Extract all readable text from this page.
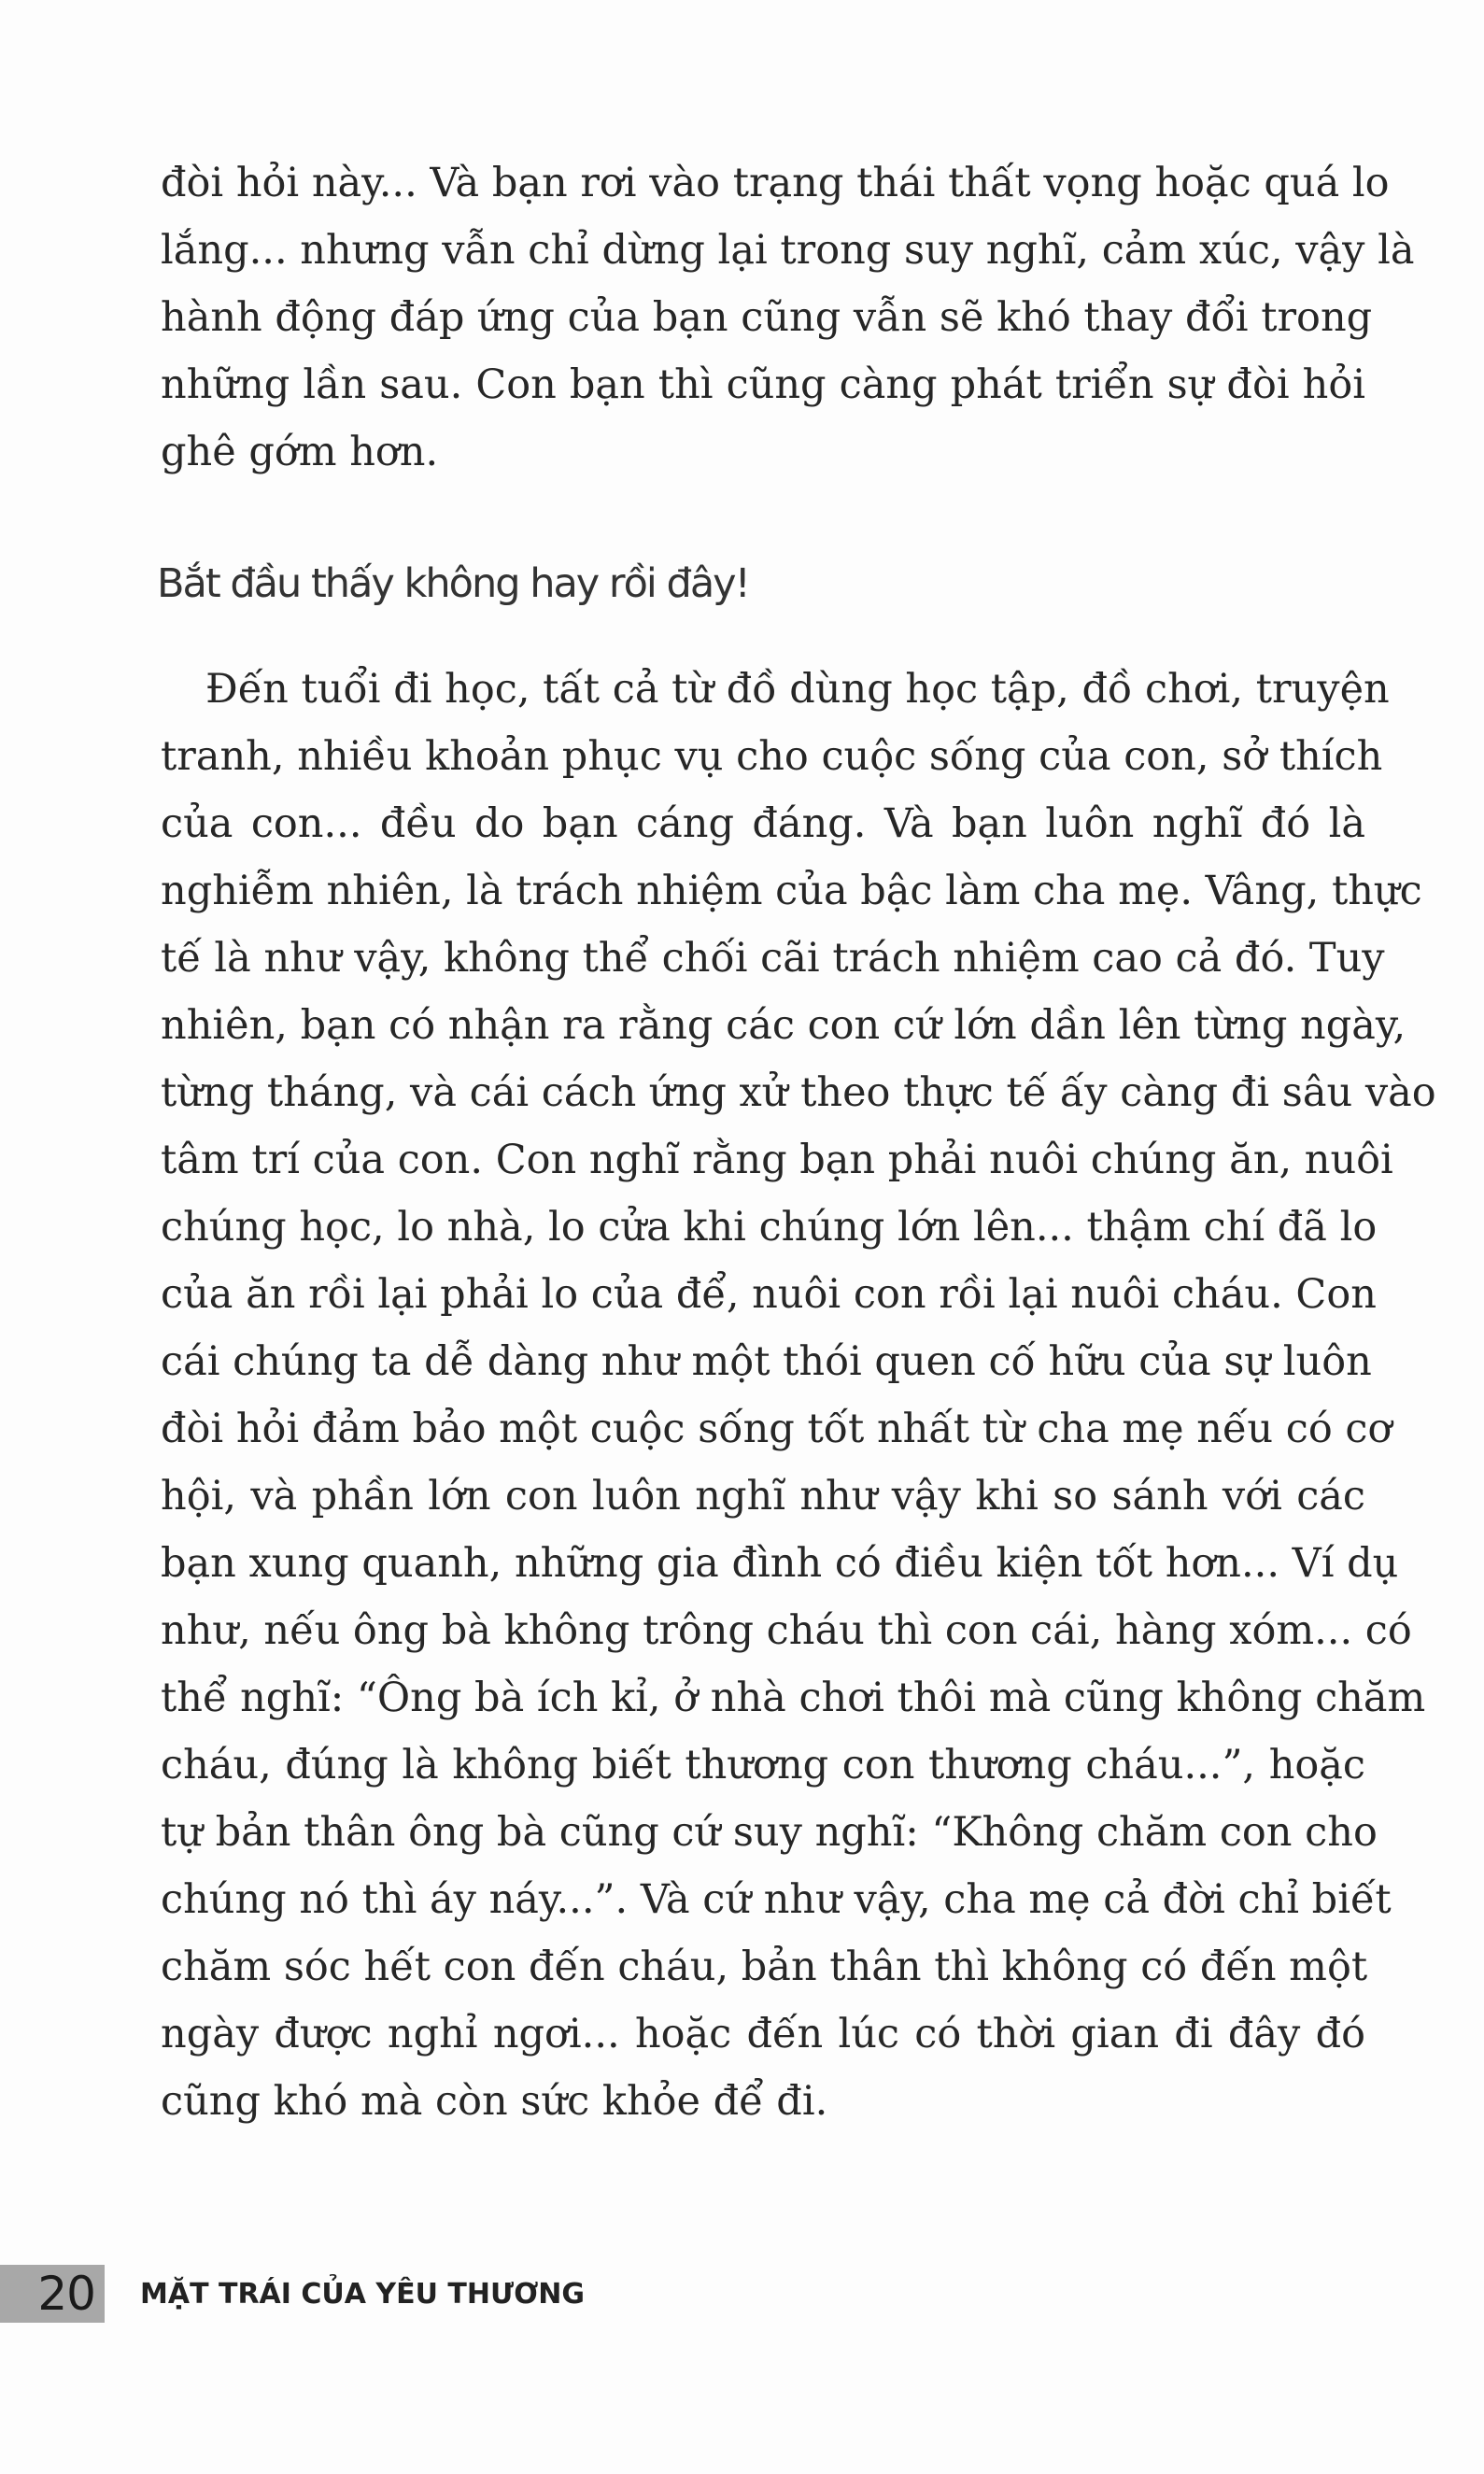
đòi hỏi này... Và bạn rơi vào trạng thái thất vọng hoặc quá lo
lắng... nhưng vẫn chỉ dừng lại trong suy nghĩ, cảm xúc, vậy là
hành động đáp ứng của bạn cũng vẫn sẽ khó thay đổi trong
những lần sau. Con bạn thì cũng càng phát triển sự đòi hỏi
ghê gớm hơn.
Bắt đầu thấy không hay rồi đây!
Đến tuổi đi học, tất cả từ đồ dùng học tập, đồ chơi, truyện
tranh, nhiều khoản phục vụ cho cuộc sống của con, sở thích
của con... đều do bạn cáng đáng. Và bạn luôn nghĩ đó là
nghiễm nhiên, là trách nhiệm của bậc làm cha mẹ. Vâng, thực
tế là như vậy, không thể chối cãi trách nhiệm cao cả đó. Tuy
nhiên, bạn có nhận ra rằng các con cứ lớn dần lên từng ngày,
từng tháng, và cái cách ứng xử theo thực tế ấy càng đi sâu vào
tâm trí của con. Con nghĩ rằng bạn phải nuôi chúng ăn, nuôi
chúng học, lo nhà, lo cửa khi chúng lớn lên... thậm chí đã lo
của ăn rồi lại phải lo của để, nuôi con rồi lại nuôi cháu. Con
cái chúng ta dễ dàng như một thói quen cố hữu của sự luôn
đòi hỏi đảm bảo một cuộc sống tốt nhất từ cha mẹ nếu có cơ
hội, và phần lớn con luôn nghĩ như vậy khi so sánh với các
bạn xung quanh, những gia đình có điều kiện tốt hơn... Ví dụ
như, nếu ông bà không trông cháu thì con cái, hàng xóm... có
thể nghĩ: “Ông bà ích kỉ, ở nhà chơi thôi mà cũng không chăm
cháu, đúng là không biết thương con thương cháu...”, hoặc
tự bản thân ông bà cũng cứ suy nghĩ: “Không chăm con cho
chúng nó thì áy náy...”. Và cứ như vậy, cha mẹ cả đời chỉ biết
chăm sóc hết con đến cháu, bản thân thì không có đến một
ngày được nghỉ ngơi... hoặc đến lúc có thời gian đi đây đó
cũng khó mà còn sức khỏe để đi.
20 MẶT TRÁI CỦA YÊU THƯƠNG
